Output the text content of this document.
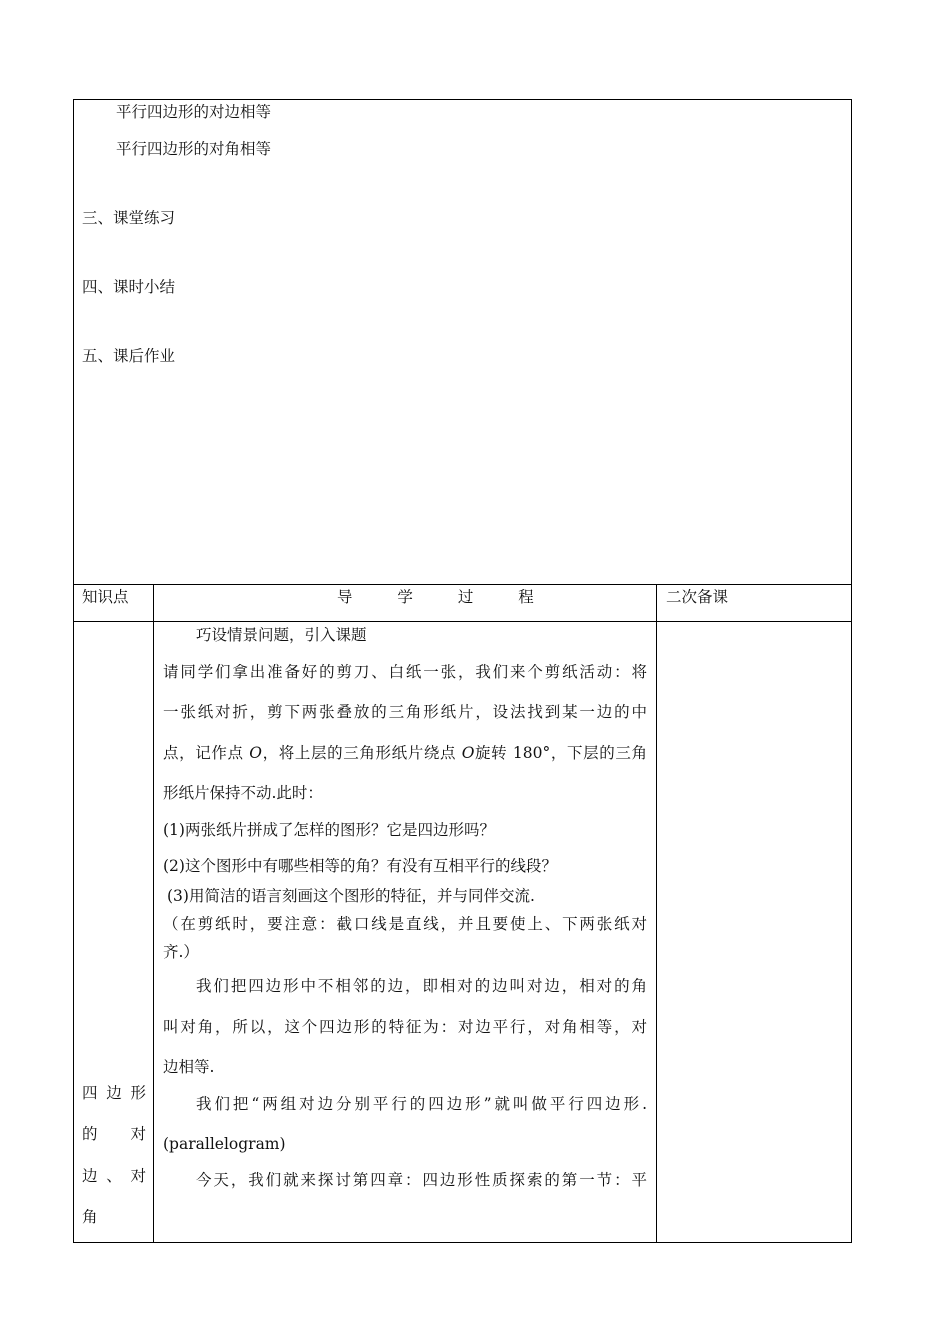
平行四边形的对边相等
平行四边形的对角相等
三、课堂练习
四、课时小结
五、课后作业
知识点	导 学 过 程	二次备课
四边形
的对
边、对
角
巧设情景问题，引入课题
请同学们拿出准备好的剪刀、白纸一张，我们来个剪纸活动：将
一张纸对折，剪下两张叠放的三角形纸片，设法找到某一边的中
点，记作点 O，将上层的三角形纸片绕点 O旋转 180°，下层的三角
形纸片保持不动.此时：
(1)两张纸片拼成了怎样的图形？它是四边形吗？
(2)这个图形中有哪些相等的角？有没有互相平行的线段？
(3)用简洁的语言刻画这个图形的特征，并与同伴交流.
（在剪纸时，要注意：截口线是直线，并且要使上、下两张纸对
齐.）
我们把四边形中不相邻的边，即相对的边叫对边，相对的角
叫对角，所以，这个四边形的特征为：对边平行，对角相等，对
边相等.
我们把“两组对边分别平行的四边形”就叫做平行四边形.
(parallelogram)
今天，我们就来探讨第四章：四边形性质探索的第一节：平
